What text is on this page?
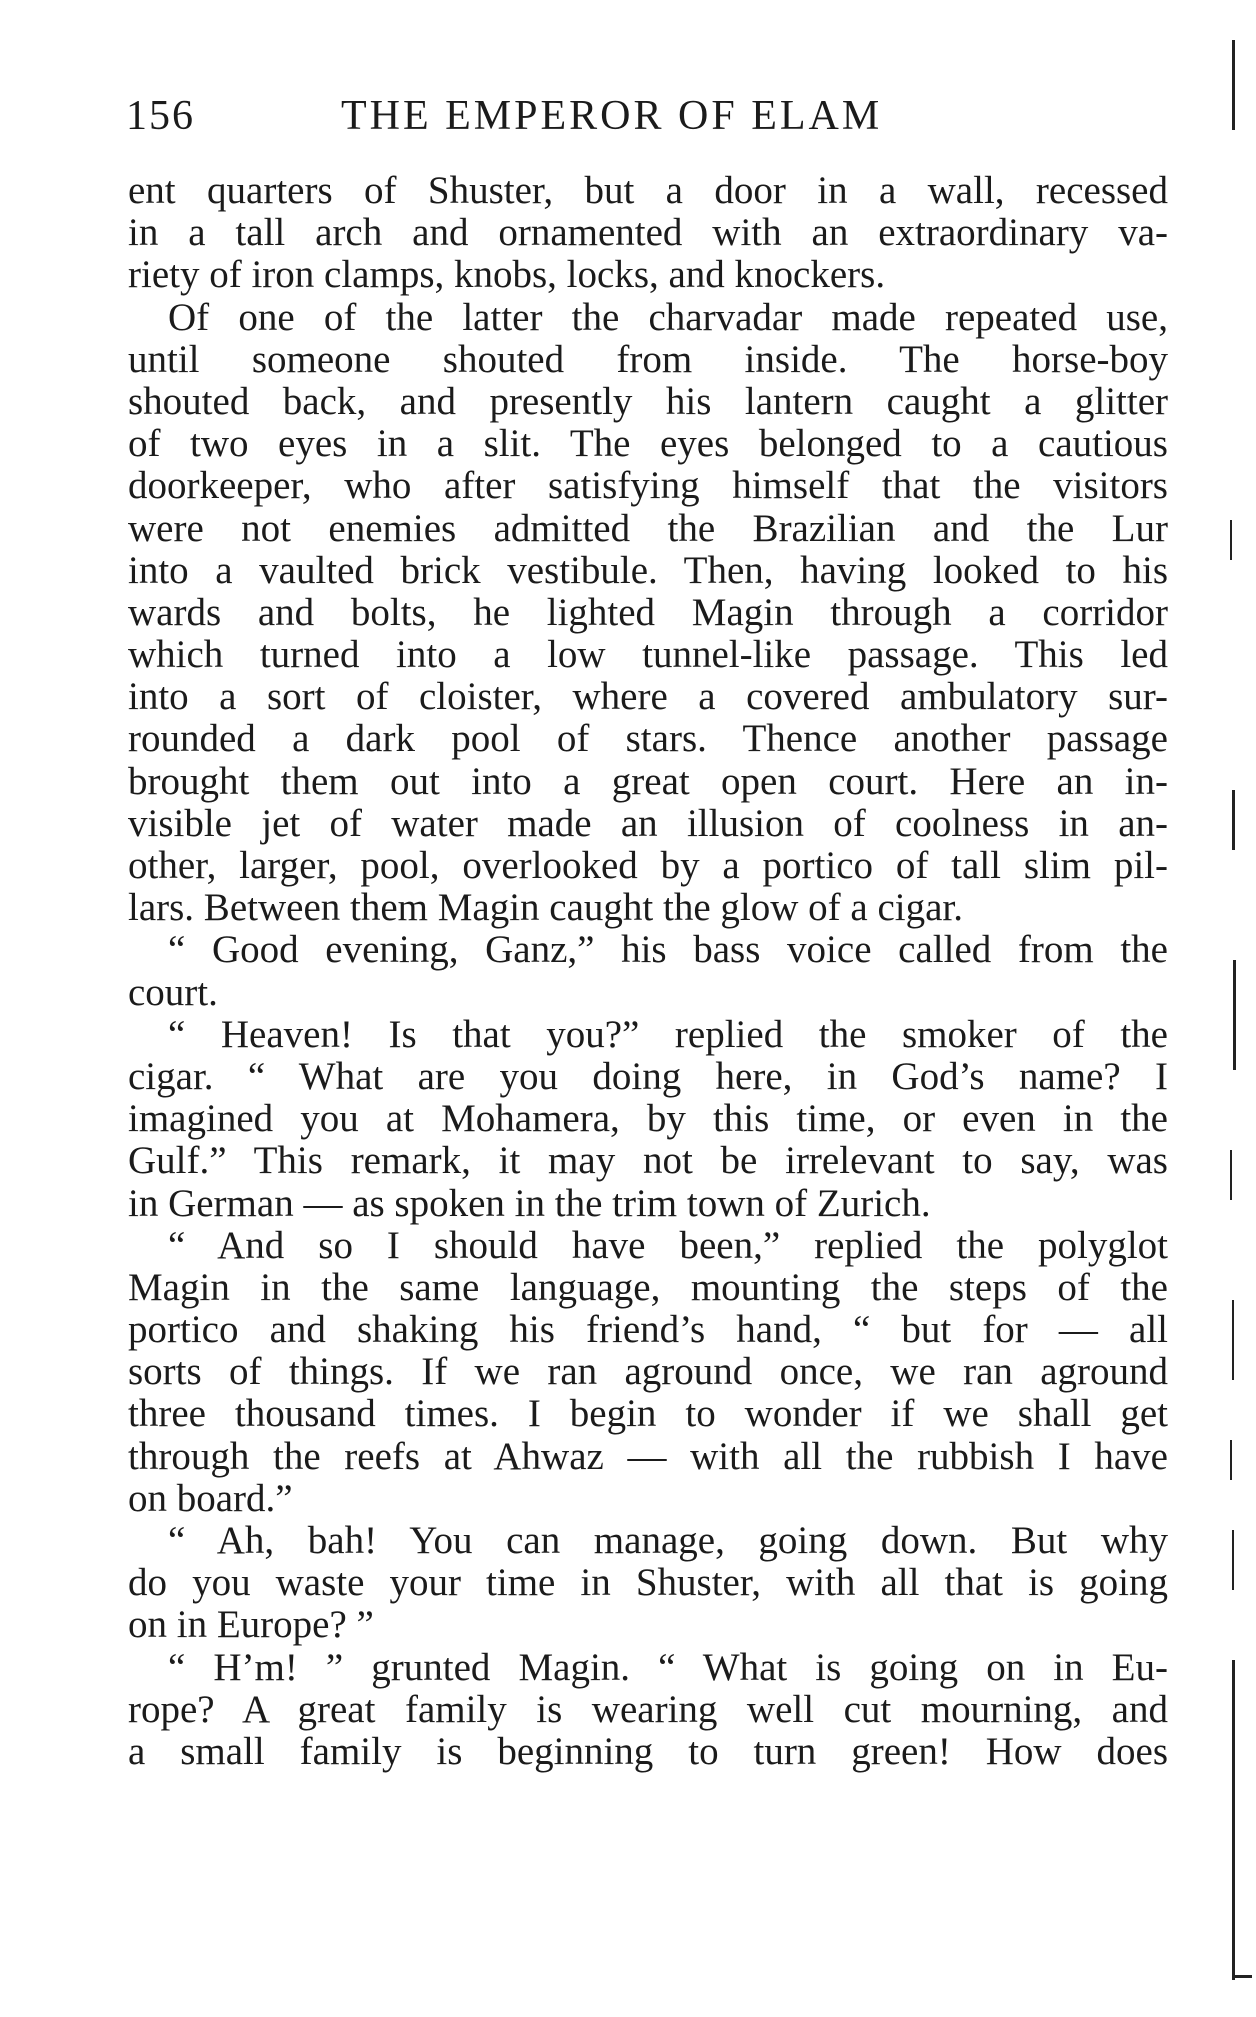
156	THE EMPEROR OF ELAM
ent quarters of Shuster, but a door in a wall, recessed
in a tall arch and ornamented with an extraordinary va-
riety of iron clamps, knobs, locks, and knockers.
Of one of the latter the charvadar made repeated use,
until someone shouted from inside. The horse-boy
shouted back, and presently his lantern caught a glitter
of two eyes in a slit. The eyes belonged to a cautious
doorkeeper, who after satisfying himself that the visitors
were not enemies admitted the Brazilian and the Lur
into a vaulted brick vestibule. Then, having looked to his
wards and bolts, he lighted Magin through a corridor
which turned into a low tunnel-like passage. This led
into a sort of cloister, where a covered ambulatory sur-
rounded a dark pool of stars. Thence another passage
brought them out into a great open court. Here an in-
visible jet of water made an illusion of coolness in an-
other, larger, pool, overlooked by a portico of tall slim pil-
lars. Between them Magin caught the glow of a cigar.
“ Good evening, Ganz,” his bass voice called from the
court.
“ Heaven! Is that you?” replied the smoker of the
cigar. “ What are you doing here, in God’s name? I
imagined you at Mohamera, by this time, or even in the
Gulf.” This remark, it may not be irrelevant to say, was
in German — as spoken in the trim town of Zurich.
“ And so I should have been,” replied the polyglot
Magin in the same language, mounting the steps of the
portico and shaking his friend’s hand, “ but for — all
sorts of things. If we ran aground once, we ran aground
three thousand times. I begin to wonder if we shall get
through the reefs at Ahwaz — with all the rubbish I have
on board.”
“ Ah, bah! You can manage, going down. But why
do you waste your time in Shuster, with all that is going
on in Europe? ”
“ H’m! ” grunted Magin. “ What is going on in Eu-
rope? A great family is wearing well cut mourning, and
a small family is beginning to turn green! How does
